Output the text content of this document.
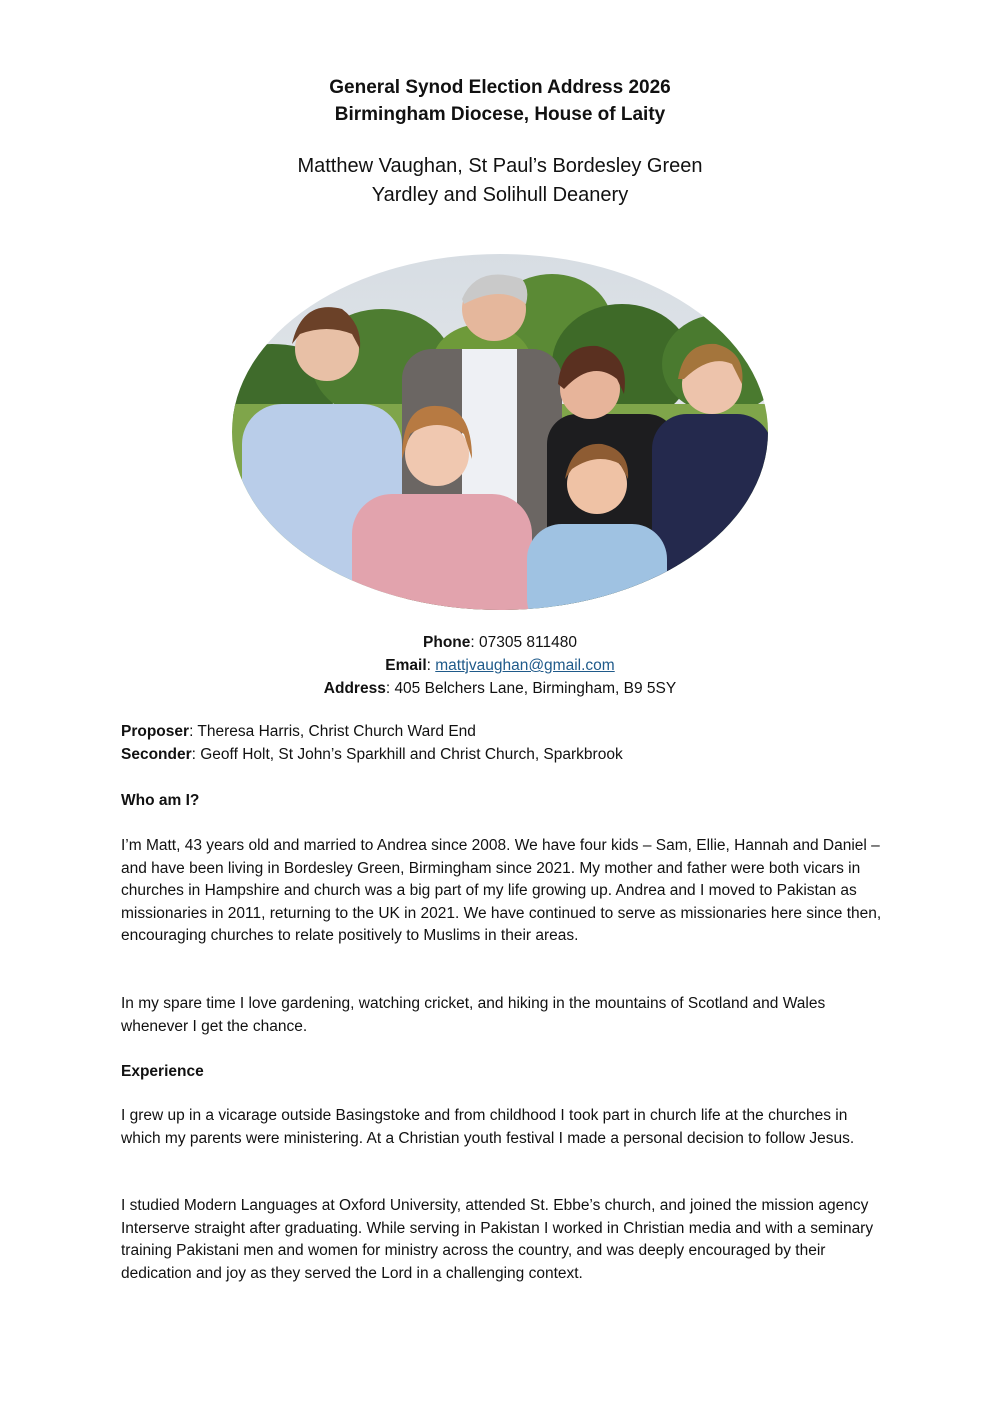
General Synod Election Address 2026
Birmingham Diocese, House of Laity
Matthew Vaughan, St Paul’s Bordesley Green
Yardley and Solihull Deanery
Phone: 07305 811480
Email: mattjvaughan@gmail.com
Address: 405 Belchers Lane, Birmingham, B9 5SY
Proposer: Theresa Harris, Christ Church Ward End
Seconder: Geoff Holt, St John’s Sparkhill and Christ Church, Sparkbrook
Who am I?
I’m Matt, 43 years old and married to Andrea since 2008. We have four kids – Sam, Ellie, Hannah and Daniel – and have been living in Bordesley Green, Birmingham since 2021. My mother and father were both vicars in churches in Hampshire and church was a big part of my life growing up. Andrea and I moved to Pakistan as missionaries in 2011, returning to the UK in 2021. We have continued to serve as missionaries here since then, encouraging churches to relate positively to Muslims in their areas.
In my spare time I love gardening, watching cricket, and hiking in the mountains of Scotland and Wales whenever I get the chance.
Experience
I grew up in a vicarage outside Basingstoke and from childhood I took part in church life at the churches in which my parents were ministering. At a Christian youth festival I made a personal decision to follow Jesus.
I studied Modern Languages at Oxford University, attended St. Ebbe’s church, and joined the mission agency Interserve straight after graduating. While serving in Pakistan I worked in Christian media and with a seminary training Pakistani men and women for ministry across the country, and was deeply encouraged by their dedication and joy as they served the Lord in a challenging context.
